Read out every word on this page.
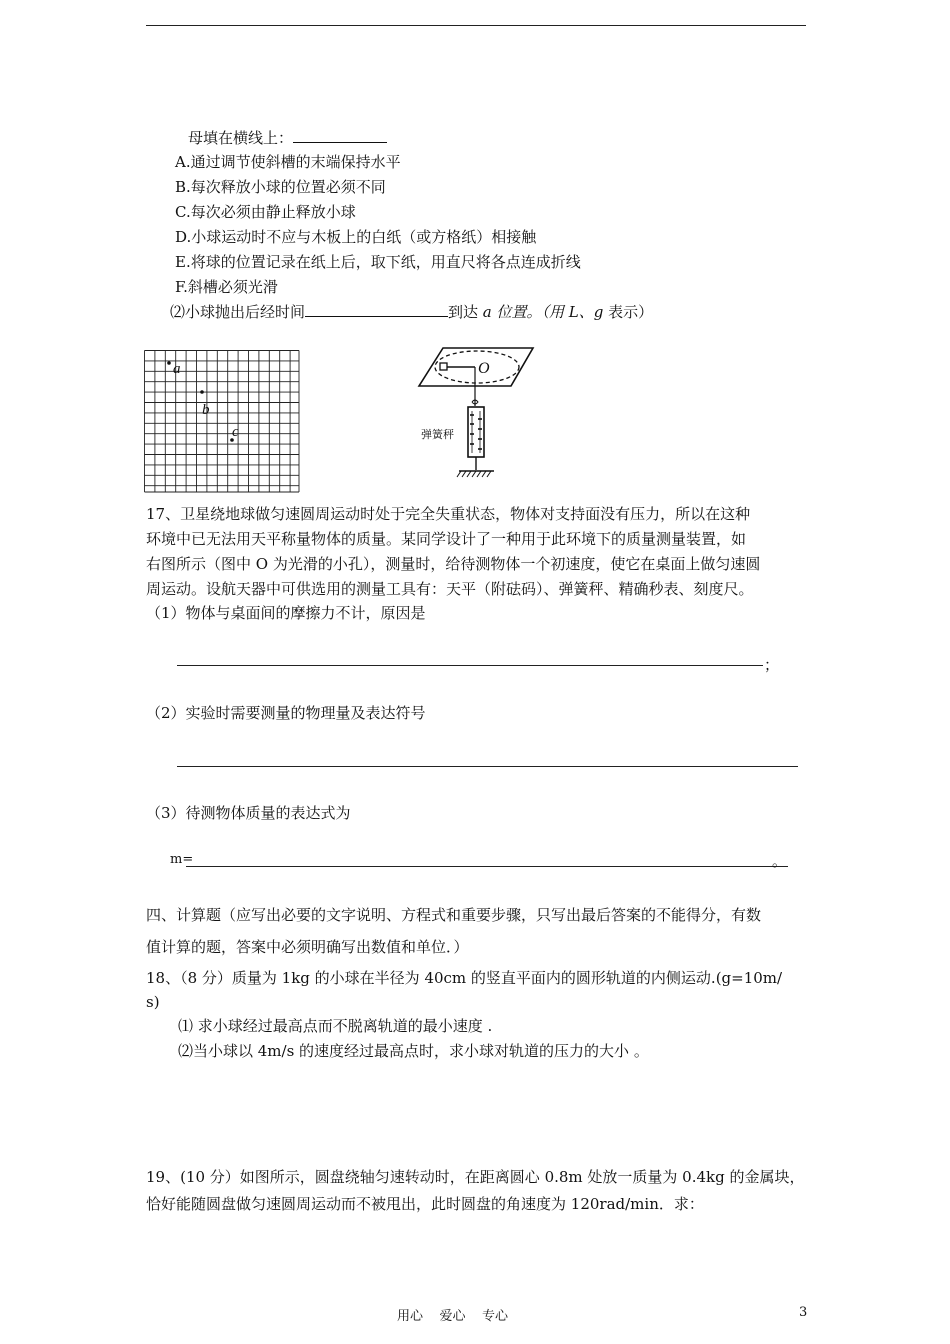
母填在横线上：
A.通过调节使斜槽的末端保持水平
B.每次释放小球的位置必须不同
C.每次必须由静止释放小球
D.小球运动时不应与木板上的白纸（或方格纸）相接触
E.将球的位置记录在纸上后，取下纸，用直尺将各点连成折线
F.斜槽必须光滑
⑵小球抛出后经时间	到达 a 位置。（用 L、g 表示）
a
b
c
O
弹簧秤
17、卫星绕地球做匀速圆周运动时处于完全失重状态，物体对支持面没有压力，所以在这种
环境中已无法用天平称量物体的质量。某同学设计了一种用于此环境下的质量测量装置，如
右图所示（图中 O 为光滑的小孔），测量时，给待测物体一个初速度，使它在桌面上做匀速圆
周运动。设航天器中可供选用的测量工具有：天平（附砝码）、弹簧秤、精确秒表、刻度尺。
（1）物体与桌面间的摩擦力不计，原因是
；
（2）实验时需要测量的物理量及表达符号
（3）待测物体质量的表达式为
m=	。
四、计算题（应写出必要的文字说明、方程式和重要步骤，只写出最后答案的不能得分，有数
值计算的题，答案中必须明确写出数值和单位．）
18、（8 分）质量为 1kg 的小球在半径为 40cm 的竖直平面内的圆形轨道的内侧运动.(g=10m/
s)
⑴ 求小球经过最高点而不脱离轨道的最小速度 .
⑵当小球以 4m/s 的速度经过最高点时，求小球对轨道的压力的大小 。
19、(10 分）如图所示，圆盘绕轴匀速转动时，在距离圆心 0.8m 处放一质量为 0.4kg 的金属块，
恰好能随圆盘做匀速圆周运动而不被甩出，此时圆盘的角速度为 120rad/min．求：
用心    爱心    专心	3
